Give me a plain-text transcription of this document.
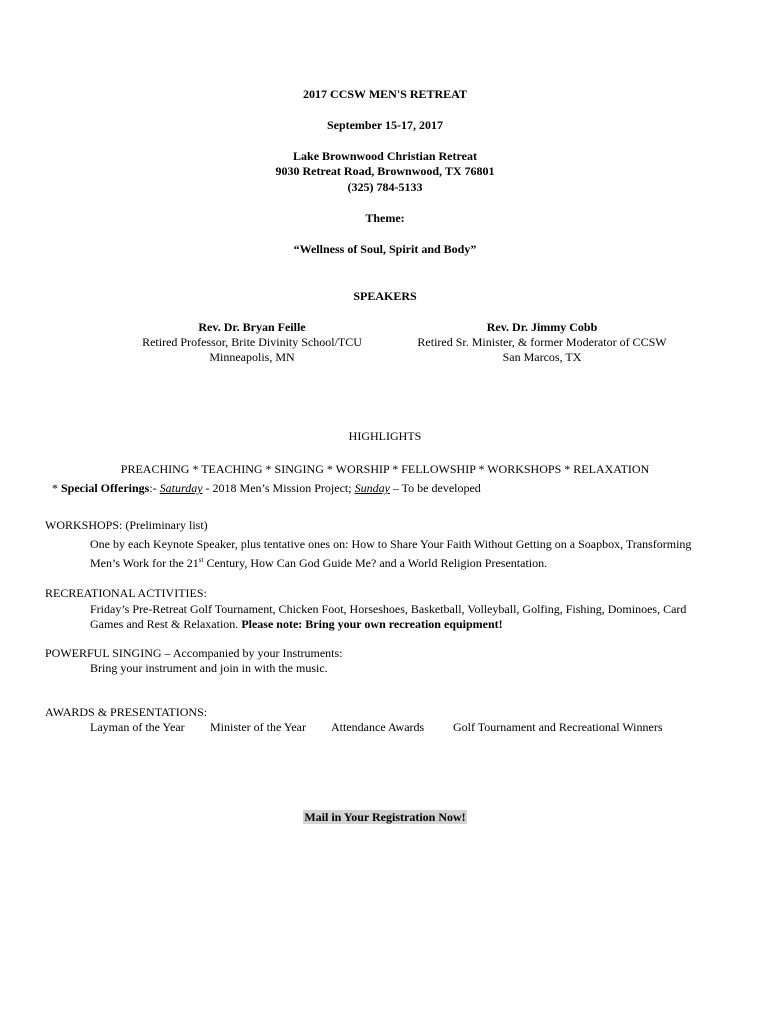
2017 CCSW MEN'S RETREAT
September 15-17, 2017
Lake Brownwood Christian Retreat
9030 Retreat Road, Brownwood, TX 76801
(325) 784-5133
Theme:
“Wellness of Soul, Spirit and Body”
SPEAKERS
Rev. Dr. Bryan Feille
Retired Professor, Brite Divinity School/TCU
Minneapolis, MN
Rev. Dr. Jimmy Cobb
Retired Sr. Minister, & former Moderator of CCSW
San Marcos, TX
HIGHLIGHTS
PREACHING * TEACHING * SINGING * WORSHIP * FELLOWSHIP * WORKSHOPS * RELAXATION
* Special Offerings:- Saturday - 2018 Men’s Mission Project; Sunday – To be developed
WORKSHOPS: (Preliminary list)
One by each Keynote Speaker, plus tentative ones on: How to Share Your Faith Without Getting on a Soapbox, Transforming
Men’s Work for the 21st Century, How Can God Guide Me? and a World Religion Presentation.
RECREATIONAL ACTIVITIES:
Friday’s Pre-Retreat Golf Tournament, Chicken Foot, Horseshoes, Basketball, Volleyball, Golfing, Fishing, Dominoes, Card
Games and Rest & Relaxation. Please note: Bring your own recreation equipment!
POWERFUL SINGING – Accompanied by your Instruments:
Bring your instrument and join in with the music.
AWARDS & PRESENTATIONS:
Layman of the Year Minister of the Year Attendance Awards Golf Tournament and Recreational Winners
Mail in Your Registration Now!
